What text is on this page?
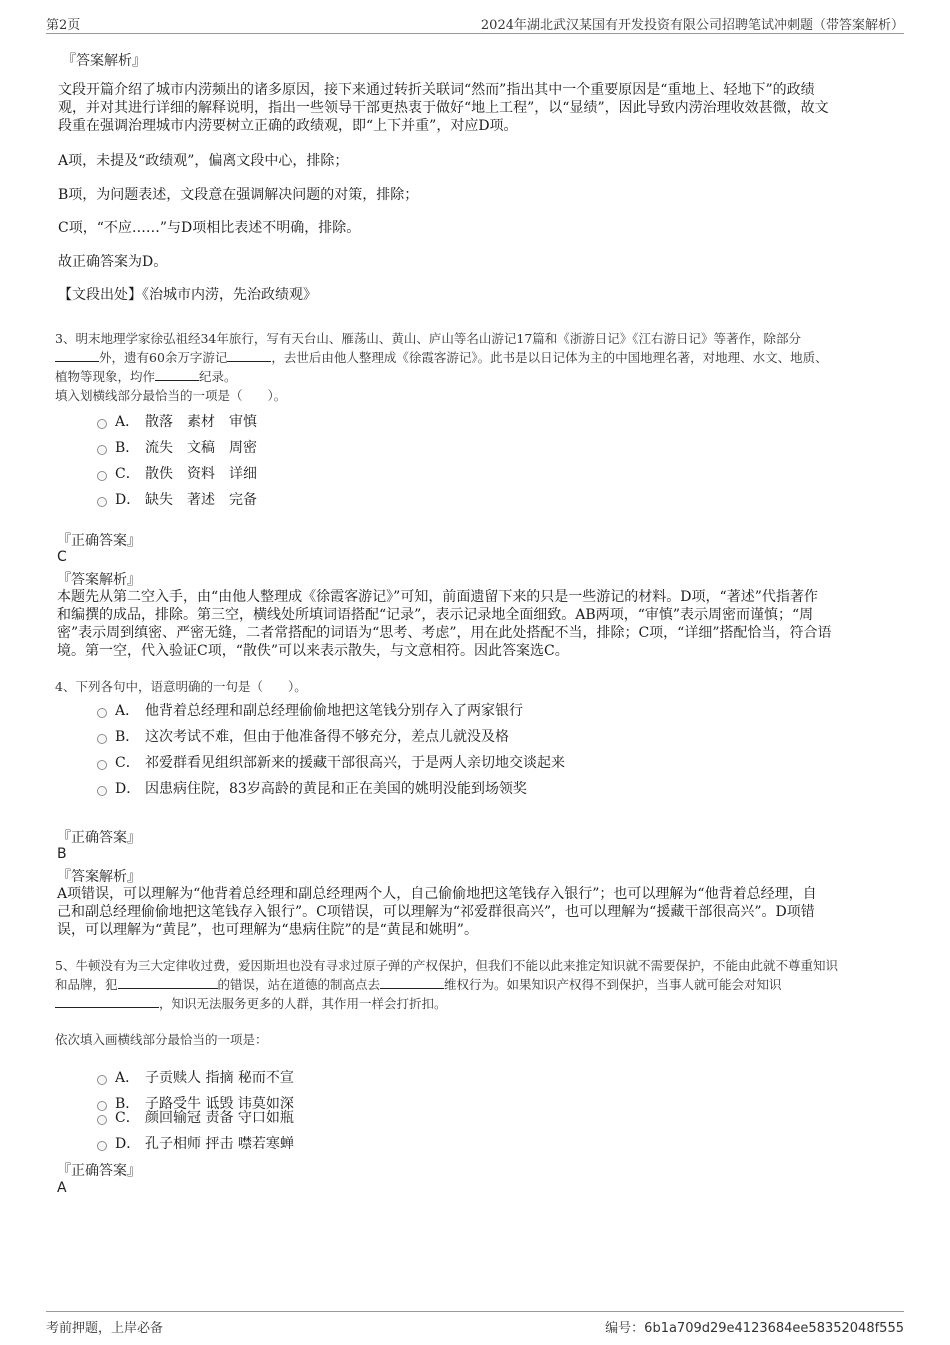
第2页	2024年湖北武汉某国有开发投资有限公司招聘笔试冲刺题（带答案解析）
『答案解析』
文段开篇介绍了城市内涝频出的诸多原因，接下来通过转折关联词“然而”指出其中一个重要原因是“重地上、轻地下”的政绩
观，并对其进行详细的解释说明，指出一些领导干部更热衷于做好“地上工程”，以“显绩”，因此导致内涝治理收效甚微，故文
段重在强调治理城市内涝要树立正确的政绩观，即“上下并重”，对应D项。
A项，未提及“政绩观”，偏离文段中心，排除；
B项，为问题表述，文段意在强调解决问题的对策，排除；
C项，“不应……”与D项相比表述不明确，排除。
故正确答案为D。
【文段出处】《治城市内涝，先治政绩观》
3、明末地理学家徐弘祖经34年旅行，写有天台山、雁荡山、黄山、庐山等名山游记17篇和《浙游日记》《江右游日记》等著作，除部分
外，遗有60余万字游记	，去世后由他人整理成《徐霞客游记》。此书是以日记体为主的中国地理名著，对地理、水文、地质、
植物等现象，均作	纪录。
填入划横线部分最恰当的一项是（　　）。
A． 散落 素材 审慎
B． 流失 文稿 周密
C． 散佚 资料 详细
D． 缺失 著述 完备
『正确答案』
C
『答案解析』
本题先从第二空入手，由“由他人整理成《徐霞客游记》”可知，前面遗留下来的只是一些游记的材料。D项，“著述”代指著作
和编撰的成品，排除。第三空，横线处所填词语搭配“记录”，表示记录地全面细致。AB两项，“审慎”表示周密而谨慎；“周
密”表示周到缜密、严密无缝，二者常搭配的词语为“思考、考虑”，用在此处搭配不当，排除；C项，“详细”搭配恰当，符合语
境。第一空，代入验证C项，“散佚”可以来表示散失，与文意相符。因此答案选C。
4、下列各句中，语意明确的一句是（　　）。
A． 他背着总经理和副总经理偷偷地把这笔钱分别存入了两家银行
B． 这次考试不难，但由于他准备得不够充分，差点儿就没及格
C． 祁爱群看见组织部新来的援藏干部很高兴，于是两人亲切地交谈起来
D． 因患病住院，83岁高龄的黄昆和正在美国的姚明没能到场领奖
『正确答案』
B
『答案解析』
A项错误，可以理解为“他背着总经理和副总经理两个人，自己偷偷地把这笔钱存入银行”；也可以理解为“他背着总经理，自
己和副总经理偷偷地把这笔钱存入银行”。C项错误，可以理解为“祁爱群很高兴”，也可以理解为“援藏干部很高兴”。D项错
误，可以理解为“黄昆”，也可理解为“患病住院”的是“黄昆和姚明”。
5、牛顿没有为三大定律收过费，爱因斯坦也没有寻求过原子弹的产权保护，但我们不能以此来推定知识就不需要保护，不能由此就不尊重知识
和品牌，犯	的错误，站在道德的制高点去	维权行为。如果知识产权得不到保护，当事人就可能会对知识
，知识无法服务更多的人群，其作用一样会打折扣。
依次填入画横线部分最恰当的一项是：
A． 子贡赎人 指摘 秘而不宣
B． 子路受牛 诋毁 讳莫如深
C． 颜回输冠 责备 守口如瓶
D． 孔子相师 抨击 噤若寒蝉
『正确答案』
A
考前押题，上岸必备	编号：6b1a709d29e4123684ee58352048f555
